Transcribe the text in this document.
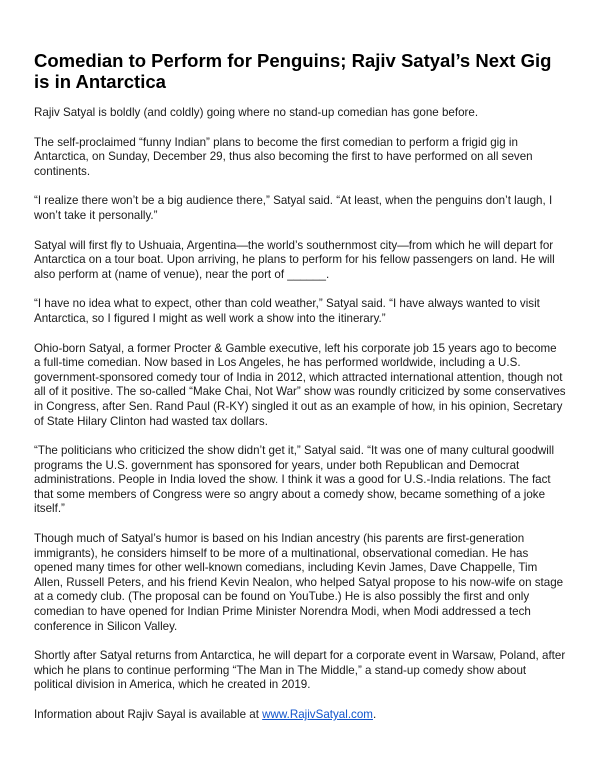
Comedian to Perform for Penguins; Rajiv Satyal’s Next Gig is in Antarctica

Rajiv Satyal is boldly (and coldly) going where no stand-up comedian has gone before.

The self-proclaimed “funny Indian” plans to become the first comedian to perform a frigid gig in Antarctica, on Sunday, December 29, thus also becoming the first to have performed on all seven continents.

“I realize there won’t be a big audience there,” Satyal said. “At least, when the penguins don’t laugh, I won’t take it personally.”

Satyal will first fly to Ushuaia, Argentina—the world’s southernmost city—from which he will depart for Antarctica on a tour boat. Upon arriving, he plans to perform for his fellow passengers on land. He will also perform at (name of venue), near the port of ______.

“I have no idea what to expect, other than cold weather,” Satyal said. “I have always wanted to visit Antarctica, so I figured I might as well work a show into the itinerary.”

Ohio-born Satyal, a former Procter & Gamble executive, left his corporate job 15 years ago to become a full-time comedian. Now based in Los Angeles, he has performed worldwide, including a U.S. government-sponsored comedy tour of India in 2012, which attracted international attention, though not all of it positive. The so-called “Make Chai, Not War” show was roundly criticized by some conservatives in Congress, after Sen. Rand Paul (R-KY) singled it out as an example of how, in his opinion, Secretary of State Hilary Clinton had wasted tax dollars.

“The politicians who criticized the show didn’t get it,” Satyal said. “It was one of many cultural goodwill programs the U.S. government has sponsored for years, under both Republican and Democrat administrations. People in India loved the show. I think it was a good for U.S.-India relations. The fact that some members of Congress were so angry about a comedy show, became something of a joke itself.”

Though much of Satyal’s humor is based on his Indian ancestry (his parents are first-generation immigrants), he considers himself to be more of a multinational, observational comedian. He has opened many times for other well-known comedians, including Kevin James, Dave Chappelle, Tim Allen, Russell Peters, and his friend Kevin Nealon, who helped Satyal propose to his now-wife on stage at a comedy club. (The proposal can be found on YouTube.) He is also possibly the first and only comedian to have opened for Indian Prime Minister Norendra Modi, when Modi addressed a tech conference in Silicon Valley.

Shortly after Satyal returns from Antarctica, he will depart for a corporate event in Warsaw, Poland, after which he plans to continue performing “The Man in The Middle,” a stand-up comedy show about political division in America, which he created in 2019.

Information about Rajiv Sayal is available at www.RajivSatyal.com.
